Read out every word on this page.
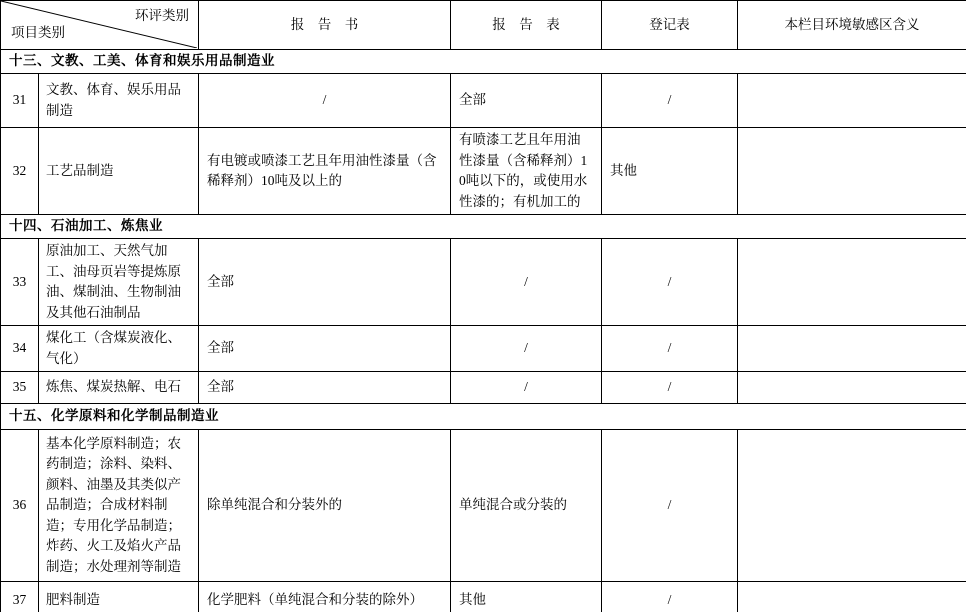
环评类别
项目类别		报　告　书	报　告　表	登记表	本栏目环境敏感区含义
十三、文教、工美、体育和娱乐用品制造业					
31	文教、体育、娱乐用品制造	/	全部	/	
32	工艺品制造	有电镀或喷漆工艺且年用油性漆量（含稀释剂）10吨及以上的	有喷漆工艺且年用油性漆量（含稀释剂）10吨以下的，或使用水性漆的；有机加工的	其他	
十四、石油加工、炼焦业					
33	原油加工、天然气加工、油母页岩等提炼原油、煤制油、生物制油及其他石油制品	全部	/	/	
34	煤化工（含煤炭液化、气化）	全部	/	/	
35	炼焦、煤炭热解、电石	全部	/	/	
十五、化学原料和化学制品制造业					
36	基本化学原料制造；农药制造；涂料、染料、颜料、油墨及其类似产品制造；合成材料制造；专用化学品制造；炸药、火工及焰火产品制造；水处理剂等制造	除单纯混合和分装外的	单纯混合或分装的	/	
37	肥料制造	化学肥料（单纯混合和分装的除外）	其他	/	
